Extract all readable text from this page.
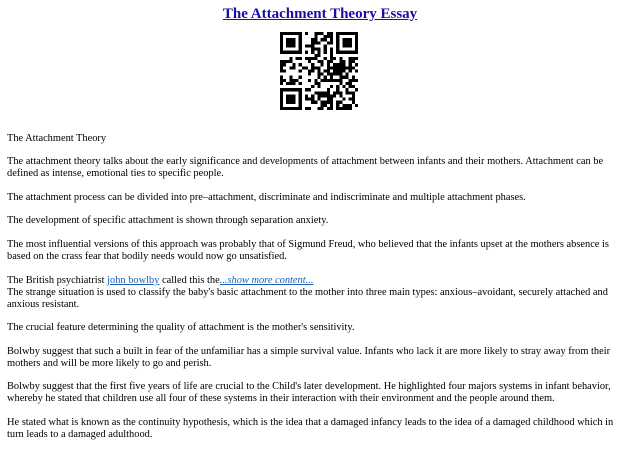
The Attachment Theory Essay

The Attachment Theory

The attachment theory talks about the early significance and developments of attachment between infants and their mothers. Attachment can be defined as intense, emotional ties to specific people.

The attachment process can be divided into pre–attachment, discriminate and indiscriminate and multiple attachment phases.

The development of specific attachment is shown through separation anxiety.

The most influential versions of this approach was probably that of Sigmund Freud, who believed that the infants upset at the mothers absence is based on the crass fear that bodily needs would now go unsatisfied.

The British psychiatrist john bowlby called this the...show more content...

The strange situation is used to classify the baby's basic attachment to the mother into three main types: anxious–avoidant, securely attached and anxious resistant.

The crucial feature determining the quality of attachment is the mother's sensitivity.

Bolwby suggest that such a built in fear of the unfamiliar has a simple survival value. Infants who lack it are more likely to stray away from their mothers and will be more likely to go and perish.

Bolwby suggest that the first five years of life are crucial to the Child's later development. He highlighted four majors systems in infant behavior, whereby he stated that children use all four of these systems in their interaction with their environment and the people around them.

He stated what is known as the continuity hypothesis, which is the idea that a damaged infancy leads to the idea of a damaged childhood which in turn leads to a damaged adulthood.
